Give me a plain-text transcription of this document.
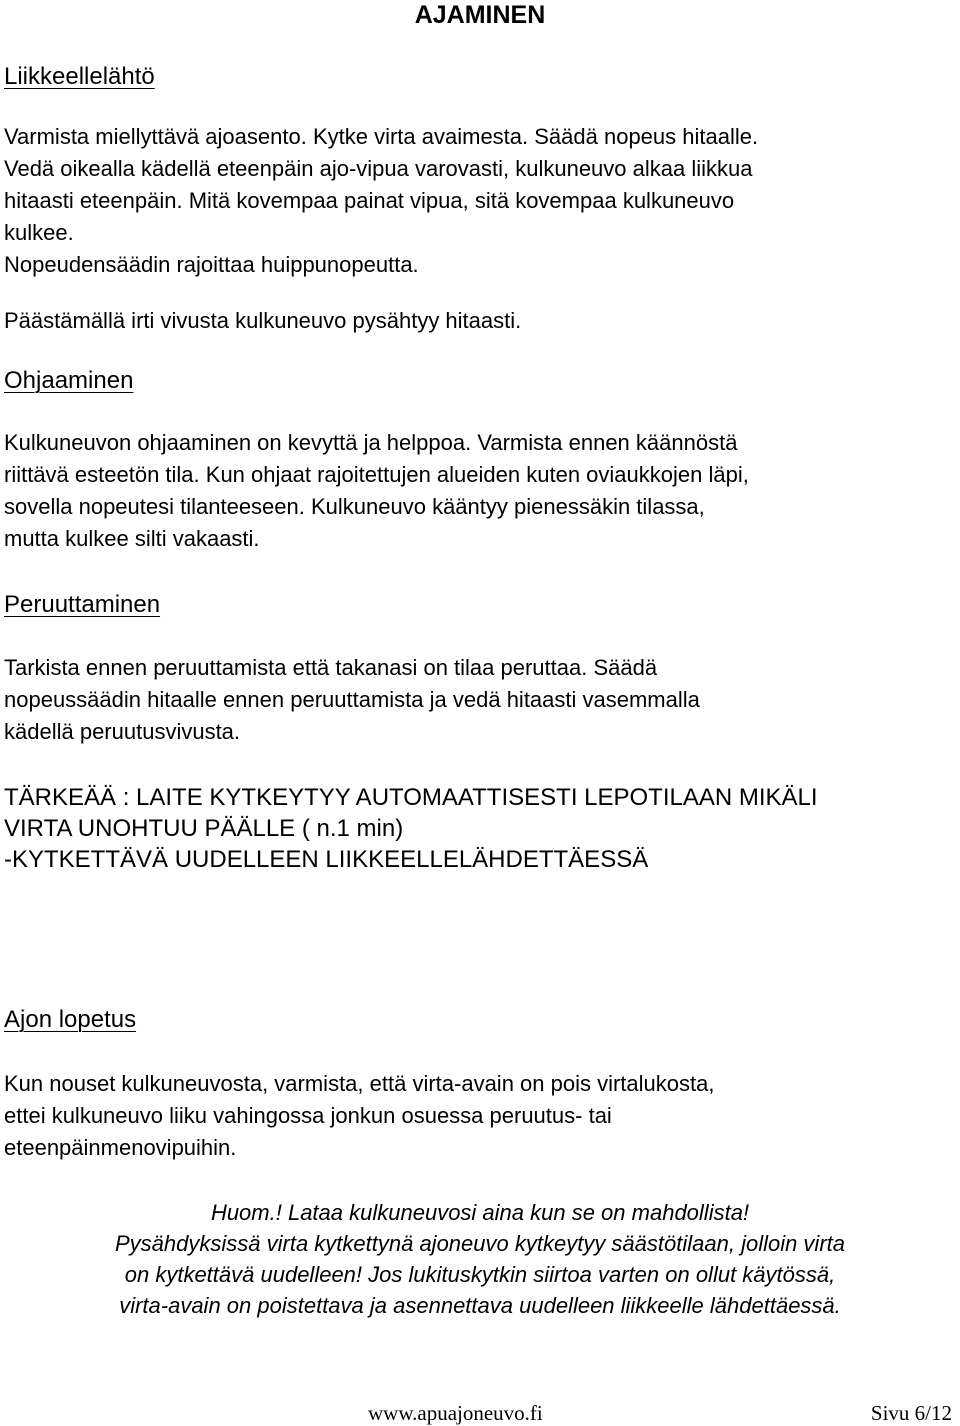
AJAMINEN
Liikkeellelähtö
Varmista miellyttävä ajoasento. Kytke virta avaimesta. Säädä nopeus hitaalle.
Vedä oikealla kädellä eteenpäin ajo-vipua varovasti, kulkuneuvo alkaa liikkua
hitaasti eteenpäin. Mitä kovempaa painat vipua, sitä kovempaa kulkuneuvo
kulkee.
Nopeudensäädin rajoittaa huippunopeutta.
Päästämällä irti vivusta kulkuneuvo pysähtyy hitaasti.
Ohjaaminen
Kulkuneuvon ohjaaminen on kevyttä ja helppoa. Varmista ennen käännöstä
riittävä esteetön tila. Kun ohjaat rajoitettujen alueiden kuten oviaukkojen läpi,
sovella nopeutesi tilanteeseen. Kulkuneuvo kääntyy pienessäkin tilassa,
mutta kulkee silti vakaasti.
Peruuttaminen
Tarkista ennen peruuttamista että takanasi on tilaa peruttaa. Säädä
nopeussäädin hitaalle ennen peruuttamista ja vedä hitaasti vasemmalla
kädellä peruutusvivusta.
TÄRKEÄÄ : LAITE KYTKEYTYY AUTOMAATTISESTI LEPOTILAAN MIKÄLI
VIRTA UNOHTUU PÄÄLLE ( n.1 min)
-KYTKETTÄVÄ UUDELLEEN LIIKKEELLELÄHDETTÄESSÄ
Ajon lopetus
Kun nouset kulkuneuvosta, varmista, että virta-avain on pois virtalukosta,
ettei kulkuneuvo liiku vahingossa jonkun osuessa peruutus- tai
eteenpäinmenovipuihin.
Huom.! Lataa kulkuneuvosi aina kun se on mahdollista!
Pysähdyksissä virta kytkettynä ajoneuvo kytkeytyy säästötilaan, jolloin virta
on kytkettävä uudelleen! Jos lukituskytkin siirtoa varten on ollut käytössä,
virta-avain on poistettava ja asennettava uudelleen liikkeelle lähdettäessä.
www.apuajoneuvo.fi	Sivu 6/12
